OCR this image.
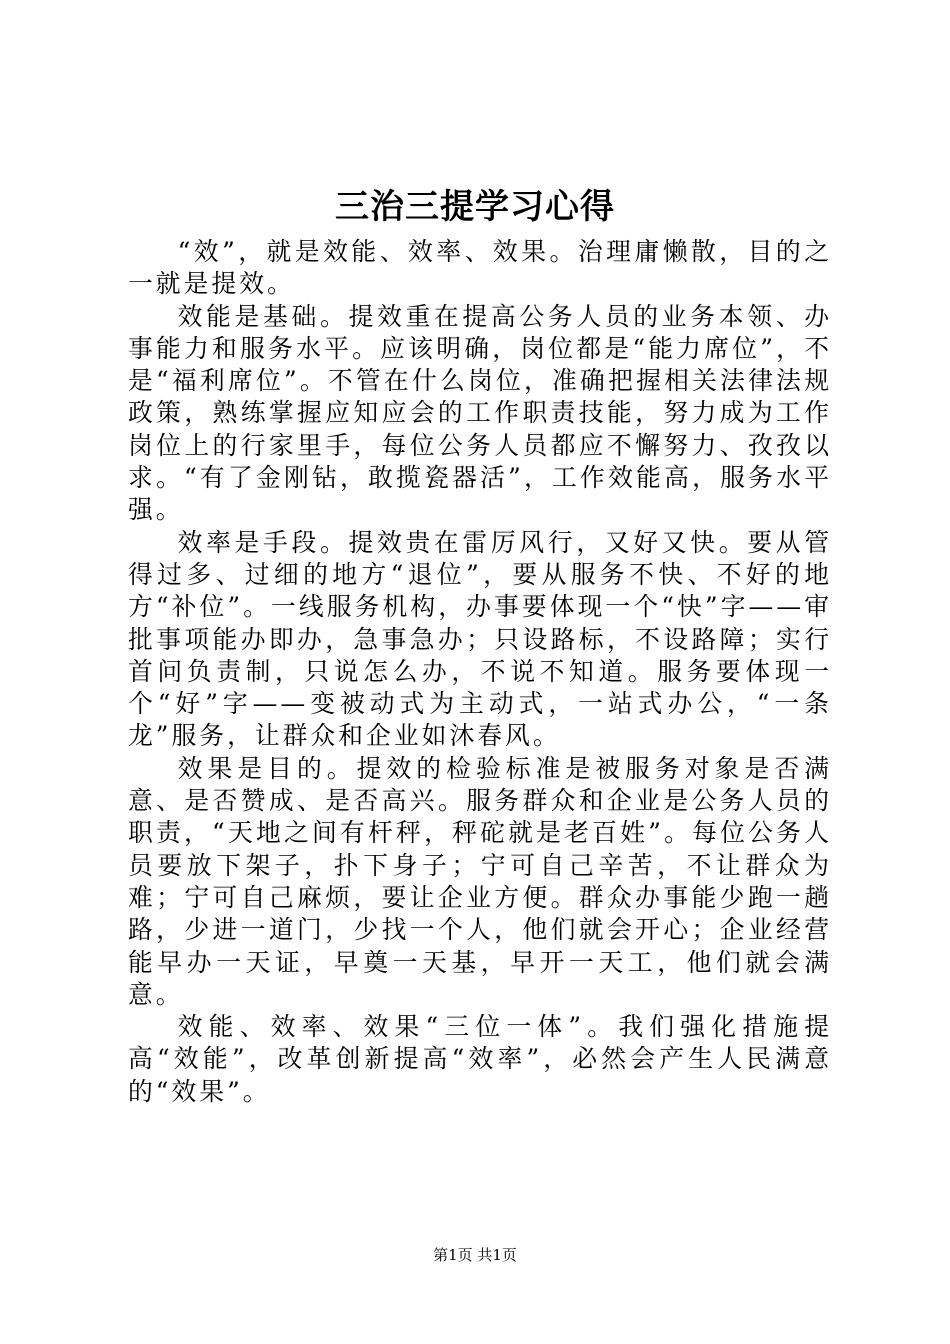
三治三提学习心得

“效”，就是效能、效率、效果。治理庸懒散，目的之一就是提效。

效能是基础。提效重在提高公务人员的业务本领、办事能力和服务水平。应该明确，岗位都是“能力席位”，不是“福利席位”。不管在什么岗位，准确把握相关法律法规政策，熟练掌握应知应会的工作职责技能，努力成为工作岗位上的行家里手，每位公务人员都应不懈努力、孜孜以求。“有了金刚钻，敢揽瓷器活”，工作效能高，服务水平强。

效率是手段。提效贵在雷厉风行，又好又快。要从管得过多、过细的地方“退位”，要从服务不快、不好的地方“补位”。一线服务机构，办事要体现一个“快”字——审批事项能办即办，急事急办；只设路标，不设路障；实行首问负责制，只说怎么办，不说不知道。服务要体现一个“好”字——变被动式为主动式，一站式办公，“一条龙”服务，让群众和企业如沐春风。

效果是目的。提效的检验标准是被服务对象是否满意、是否赞成、是否高兴。服务群众和企业是公务人员的职责，“天地之间有杆秤，秤砣就是老百姓”。每位公务人员要放下架子，扑下身子；宁可自己辛苦，不让群众为难；宁可自己麻烦，要让企业方便。群众办事能少跑一趟路，少进一道门，少找一个人，他们就会开心；企业经营能早办一天证，早奠一天基，早开一天工，他们就会满意。

效能、效率、效果“三位一体”。我们强化措施提高“效能”，改革创新提高“效率”，必然会产生人民满意的“效果”。

第1页 共1页
